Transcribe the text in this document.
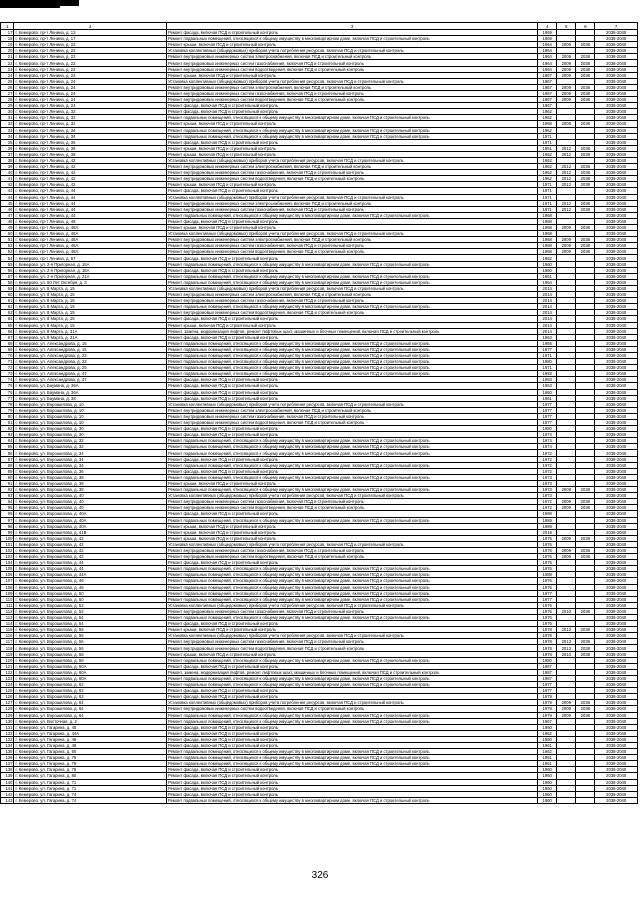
1	2	3	4	5	6	7
17	г. Кемерово, пр-т Ленина, д. 13	Ремонт фасада, включая ПСД и строительный контроль	1969			2038-2040
18	г. Кемерово, пр-т Ленина, д. 17	Ремонт подвальных помещений, относящихся к общему имуществу в многоквартирном доме, включая ПСД и строительный контроль	1969			2038-2040
19	г. Кемерово, пр-т Ленина, д. 22	Ремонт крыши, включая ПСД и строительный контроль	1964	2009	2038	2038-2040
20	г. Кемерово, пр-т Ленина, д. 22	Установка коллективных (общедомовых) приборов учета потребления ресурсов, включая ПСД и строительный контроль	1964			2038-2040
21	г. Кемерово, пр-т Ленина, д. 22	Ремонт внутридомовых инженерных систем электроснабжения, включая ПСД и строительный контроль	1964	2009	2038	2038-2040
22	г. Кемерово, пр-т Ленина, д. 22	Ремонт внутридомовых инженерных систем газоснабжения, включая ПСД и строительный контроль	1964	2009	2038	2038-2040
23	г. Кемерово, пр-т Ленина, д. 22	Ремонт внутридомовых инженерных систем водоотведения, включая ПСД и строительный контроль	1964	2009	2038	2038-2040
24	г. Кемерово, пр-т Ленина, д. 22	Ремонт крыши, включая ПСД и строительный контроль	1967	2009	2038	2038-2040
25	г. Кемерово, пр-т Ленина, д. 24	Установка коллективных (общедомовых) приборов учета потребления ресурсов, включая ПСД и строительный контроль	1967			2038-2040
26	г. Кемерово, пр-т Ленина, д. 24	Ремонт внутридомовых инженерных систем электроснабжения, включая ПСД и строительный контроль	1967	2009	2038	2038-2040
27	г. Кемерово, пр-т Ленина, д. 24	Ремонт внутридомовых инженерных систем газоснабжения, включая ПСД и строительный контроль	1967	2009	2038	2038-2040
28	г. Кемерово, пр-т Ленина, д. 24	Ремонт внутридомовых инженерных систем водоотведения, включая ПСД и строительный контроль	1967	2009	2038	2038-2040
29	г. Кемерово, пр-т Ленина, д. 24	Ремонт фасада, включая ПСД и строительный контроль	1967			2038-2040
30	г. Кемерово, пр-т Ленина, д. 32	Ремонт фасада, включая ПСД и строительный контроль	1962			2038-2040
31	г. Кемерово, пр-т Ленина, д. 32	Ремонт подвальных помещений, относящихся к общему имуществу в многоквартирном доме, включая ПСД и строительный контроль	1962			2038-2040
32	г. Кемерово, пр-т Ленина, д. 32	Ремонт крыши, включая ПСД и строительный контроль	1968	2008	2038	2038-2040
33	г. Кемерово, пр-т Ленина, д. 34	Ремонт подвальных помещений, относящихся к общему имуществу в многоквартирном доме, включая ПСД и строительный контроль	1962			2038-2040
34	г. Кемерово, пр-т Ленина, д. 34	Ремонт подвальных помещений, относящихся к общему имуществу в многоквартирном доме, включая ПСД и строительный контроль	1971			2038-2040
35	г. Кемерово, пр-т Ленина, д. 36	Ремонт фасада, включая ПСД и строительный контроль	1971			2038-2040
36	г. Кемерово, пр-т Ленина, д. 38	Ремонт крыши, включая ПСД и строительный контроль	1951	2012	2038	2038-2040
37	г. Кемерово, пр-т Ленина, д. 38	Ремонт крыши, включая ПСД и строительный контроль	1962	2012	2038	2038-2040
38	г. Кемерово, пр-т Ленина, д. 42	Установка коллективных (общедомовых) приборов учета потребления ресурсов, включая ПСД и строительный контроль	1962			2038-2040
39	г. Кемерово, пр-т Ленина, д. 42	Ремонт внутридомовых инженерных систем электроснабжения, включая ПСД и строительный контроль	1962	2012	2038	2038-2040
40	г. Кемерово, пр-т Ленина, д. 42	Ремонт внутридомовых инженерных систем газоснабжения, включая ПСД и строительный контроль	1962	2012	2038	2038-2040
41	г. Кемерово, пр-т Ленина, д. 42	Ремонт внутридомовых инженерных систем водоотведения, включая ПСД и строительный контроль	1962	2012	2038	2038-2040
42	г. Кемерово, пр-т Ленина, д. 42	Ремонт крыши, включая ПСД и строительный контроль	1971	2012	2038	2038-2040
43	г. Кемерово, пр-т Ленина, д. 44	Ремонт фасада, включая ПСД и строительный контроль	1971			2038-2040
44	г. Кемерово, пр-т Ленина, д. 44	Установка коллективных (общедомовых) приборов учета потребления ресурсов, включая ПСД и строительный контроль	1971			2038-2040
45	г. Кемерово, пр-т Ленина, д. 44	Ремонт внутридомовых инженерных систем электроснабжения, включая ПСД и строительный контроль	1971	2012	2038	2038-2040
46	г. Кемерово, пр-т Ленина, д. 44	Ремонт внутридомовых инженерных систем газоснабжения, включая ПСД и строительный контроль	1971	2012	2038	2038-2040
47	г. Кемерово, пр-т Ленина, д. 44	Ремонт подвальных помещений, относящихся к общему имуществу в многоквартирном доме, включая ПСД и строительный контроль	1968			2038-2040
48	г. Кемерово, пр-т Ленина, д. 48	Ремонт фасада, включая ПСД и строительный контроль	1968			2038-2040
49	г. Кемерово, пр-т Ленина, д. 48А	Ремонт крыши, включая ПСД и строительный контроль	1968	2009	2038	2038-2040
50	г. Кемерово, пр-т Ленина, д. 48А	Установка коллективных (общедомовых) приборов учета потребления ресурсов, включая ПСД и строительный контроль	1968			2038-2040
51	г. Кемерово, пр-т Ленина, д. 48А	Ремонт внутридомовых инженерных систем электроснабжения, включая ПСД и строительный контроль	1968	2009	2038	2038-2040
52	г. Кемерово, пр-т Ленина, д. 48А	Ремонт внутридомовых инженерных систем газоснабжения, включая ПСД и строительный контроль	1968	2009	2038	2038-2040
53	г. Кемерово, пр-т Ленина, д. 48А	Ремонт внутридомовых инженерных систем водоотведения, включая ПСД и строительный контроль	1968	2009	2038	2038-2040
54	г. Кемерово, пр-т Ленина, д. 57	Ремонт фасада, включая ПСД и строительный контроль	1962			2038-2040
55	г. Кемерово, ул. 2-я Пригорная, д. 15А	Ремонт подвальных помещений, относящихся к общему имуществу в многоквартирном доме, включая ПСД и строительный контроль	1960			2038-2040
56	г. Кемерово, ул. 2-я Пригорная, д. 15А	Ремонт фасада, включая ПСД и строительный контроль	1960			2038-2040
57	г. Кемерово, ул. 2-я Пригорная, д. 21А	Ремонт подвальных помещений, относящихся к общему имуществу в многоквартирном доме, включая ПСД и строительный контроль	1961			2038-2040
58	г. Кемерово, ул. 50 Лет Октября, д. 3	Ремонт подвальных помещений, относящихся к общему имуществу в многоквартирном доме, включая ПСД и строительный контроль	1964			2038-2040
59	г. Кемерово, ул. 8 Марта, д. 15	Установка коллективных (общедомовых) приборов учета потребления ресурсов, включая ПСД и строительный контроль	2014			2038-2040
60	г. Кемерово, ул. 8 Марта, д. 15	Ремонт внутридомовых инженерных систем электроснабжения, включая ПСД и строительный контроль	2014			2038-2040
61	г. Кемерово, ул. 8 Марта, д. 15	Ремонт внутридомовых инженерных систем газоснабжения, включая ПСД и строительный контроль	2014			2038-2040
62	г. Кемерово, ул. 8 Марта, д. 15	Ремонт подвальных помещений, относящихся к общему имуществу в многоквартирном доме, включая ПСД и строительный контроль	2014			2038-2040
63	г. Кемерово, ул. 8 Марта, д. 15	Ремонт внутридомовых инженерных систем водоотведения, включая ПСД и строительный контроль	2014			2038-2040
64	г. Кемерово, ул. 8 Марта, д. 15	Ремонт фасада, включая ПСД и строительный контроль	2014			2038-2040
65	г. Кемерово, ул. 8 Марта, д. 15	Ремонт крыши, включая ПСД и строительный контроль	2014			2038-2040
66	г. Кемерово, ул. 8 Марта, д. 31А	Ремонт, замена, модернизация лифтов, ремонт лифтовых шахт, машинных и блочных помещений, включая ПСД и строительный контроль	2014			2038-2040
67	г. Кемерово, ул. 8 Марта, д. 31А	Ремонт фасада, включая ПСД и строительный контроль	1963			2038-2040
68	г. Кемерово, ул. Александрова, д. 15	Ремонт подвальных помещений, относящихся к общему имуществу в многоквартирном доме, включая ПСД и строительный контроль	1965			2038-2040
69	г. Кемерово, ул. Александрова, д. 15	Ремонт подвальных помещений, относящихся к общему имуществу в многоквартирном доме, включая ПСД и строительный контроль	1977			2038-2040
70	г. Кемерово, ул. Александрова, д. 23	Ремонт подвальных помещений, относящихся к общему имуществу в многоквартирном доме, включая ПСД и строительный контроль	1971			2038-2040
71	г. Кемерово, ул. Александрова, д. 23	Ремонт подвальных помещений, относящихся к общему имуществу в многоквартирном доме, включая ПСД и строительный контроль	1980			2038-2040
72	г. Кемерово, ул. Александрова, д. 25	Ремонт подвальных помещений, относящихся к общему имуществу в многоквартирном доме, включая ПСД и строительный контроль	1971			2038-2040
73	г. Кемерово, ул. Александрова, д. 47	Ремонт подвальных помещений, относящихся к общему имуществу в многоквартирном доме, включая ПСД и строительный контроль	1983			2038-2040
74	г. Кемерово, ул. Александрова, д. 47	Ремонт фасада, включая ПСД и строительный контроль	1983			2038-2040
75	г. Кемерово, ул. Баумана, д. 36А	Ремонт фасада, включая ПСД и строительный контроль	1963			2038-2040
76	г. Кемерово, ул. Баумана, д. 36А	Ремонт фасада, включая ПСД и строительный контроль	1960			2038-2040
77	г. Кемерово, ул. Баумана, д. 38	Ремонт фасада, включая ПСД и строительный контроль	1961			2038-2040
78	г. Кемерово, ул. Ворошилова, д. 10	Установка коллективных (общедомовых) приборов учета потребления ресурсов, включая ПСД и строительный контроль	1977			2038-2040
79	г. Кемерово, ул. Ворошилова, д. 10	Ремонт внутридомовых инженерных систем электроснабжения, включая ПСД и строительный контроль	1977			2038-2040
80	г. Кемерово, ул. Ворошилова, д. 10	Ремонт внутридомовых инженерных систем газоснабжения, включая ПСД и строительный контроль	1977			2038-2040
81	г. Кемерово, ул. Ворошилова, д. 10	Ремонт внутридомовых инженерных систем водоотведения, включая ПСД и строительный контроль	1977			2038-2040
82	г. Кемерово, ул. Ворошилова, д. 30	Ремонт фасада, включая ПСД и строительный контроль	1980			2038-2040
83	г. Кемерово, ул. Ворошилова, д. 30	Ремонт фасада, включая ПСД и строительный контроль	1974			2038-2040
84	г. Кемерово, ул. Ворошилова, д. 32	Ремонт подвальных помещений, относящихся к общему имуществу в многоквартирном доме, включая ПСД и строительный контроль	1974			2038-2040
85	г. Кемерово, ул. Ворошилова, д. 32	Ремонт подвальных помещений, относящихся к общему имуществу в многоквартирном доме, включая ПСД и строительный контроль	1974			2038-2040
86	г. Кемерово, ул. Ворошилова, д. 34	Ремонт подвальных помещений, относящихся к общему имуществу в многоквартирном доме, включая ПСД и строительный контроль	1972			2038-2040
87	г. Кемерово, ул. Ворошилова, д. 34	Ремонт фасада, включая ПСД и строительный контроль	1972			2038-2040
88	г. Кемерово, ул. Ворошилова, д. 34	Ремонт подвальных помещений, относящихся к общему имуществу в многоквартирном доме, включая ПСД и строительный контроль	1972			2038-2040
89	г. Кемерово, ул. Ворошилова, д. 36	Ремонт фасада, включая ПСД и строительный контроль	1972			2038-2040
90	г. Кемерово, ул. Ворошилова, д. 36	Ремонт подвальных помещений, относящихся к общему имуществу в многоквартирном доме, включая ПСД и строительный контроль	1973			2038-2040
91	г. Кемерово, ул. Ворошилова, д. 38	Ремонт крыши, включая ПСД и строительный контроль	1973			2038-2040
92	г. Кемерово, ул. Ворошилова, д. 38	Ремонт подвальных помещений, относящихся к общему имуществу в многоквартирном доме, включая ПСД и строительный контроль	1973	2008	2038	2038-2040
93	г. Кемерово, ул. Ворошилова, д. 40	Установка коллективных (общедомовых) приборов учета потребления ресурсов, включая ПСД и строительный контроль	1973			2038-2040
94	г. Кемерово, ул. Ворошилова, д. 40	Ремонт внутридомовых инженерных систем газоснабжения, включая ПСД и строительный контроль	1972	2009	2038	2038-2040
95	г. Кемерово, ул. Ворошилова, д. 40	Ремонт внутридомовых инженерных систем водоотведения, включая ПСД и строительный контроль	1972	2009	2038	2038-2040
96	г. Кемерово, ул. Ворошилова, д. 40А	Ремонт фасада, включая ПСД и строительный контроль	1989			2038-2040
97	г. Кемерово, ул. Ворошилова, д. 40А	Ремонт подвальных помещений, относящихся к общему имуществу в многоквартирном доме, включая ПСД и строительный контроль	1989			2038-2040
98	г. Кемерово, ул. Ворошилова, д. 40А	Ремонт крыши, включая ПСД и строительный контроль	1989			2038-2040
99	г. Кемерово, ул. Ворошилова, д. 41В	Ремонт крыши, включая ПСД и строительный контроль	2019			2038-2040
100	г. Кемерово, ул. Ворошилова, д. 42	Ремонт крыши, включая ПСД и строительный контроль	1976	2009	2038	2038-2040
101	г. Кемерово, ул. Ворошилова, д. 42	Установка коллективных (общедомовых) приборов учета потребления ресурсов, включая ПСД и строительный контроль	1976			2038-2040
102	г. Кемерово, ул. Ворошилова, д. 42	Ремонт внутридомовых инженерных систем газоснабжения, включая ПСД и строительный контроль	1976	2009	2038	2038-2040
103	г. Кемерово, ул. Ворошилова, д. 42	Ремонт внутридомовых инженерных систем водоотведения, включая ПСД и строительный контроль	1976	2009	2038	2038-2040
104	г. Кемерово, ул. Ворошилова, д. 44	Ремонт фасада, включая ПСД и строительный контроль	1976			2038-2040
105	г. Кемерово, ул. Ворошилова, д. 44	Ремонт подвальных помещений, относящихся к общему имуществу в многоквартирном доме, включая ПСД и строительный контроль	1976			2038-2040
106	г. Кемерово, ул. Ворошилова, д. 44А	Ремонт подвальных помещений, относящихся к общему имуществу в многоквартирном доме, включая ПСД и строительный контроль	1989			2038-2040
107	г. Кемерово, ул. Ворошилова, д. 46	Ремонт подвальных помещений, относящихся к общему имуществу в многоквартирном доме, включая ПСД и строительный контроль	1976			2038-2040
108	г. Кемерово, ул. Ворошилова, д. 48	Ремонт подвальных помещений, относящихся к общему имуществу в многоквартирном доме, включая ПСД и строительный контроль	1976			2038-2040
109	г. Кемерово, ул. Ворошилова, д. 50	Ремонт подвальных помещений, относящихся к общему имуществу в многоквартирном доме, включая ПСД и строительный контроль	1977			2038-2040
110	г. Кемерово, ул. Ворошилова, д. 50	Ремонт подвальных помещений, относящихся к общему имуществу в многоквартирном доме, включая ПСД и строительный контроль	1977			2038-2040
111	г. Кемерово, ул. Ворошилова, д. 52	Установка коллективных (общедомовых) приборов учета потребления ресурсов, включая ПСД и строительный контроль	1976			2038-2040
112	г. Кемерово, ул. Ворошилова, д. 52	Ремонт внутридомовых инженерных систем газоснабжения, включая ПСД и строительный контроль	1976	2010	2038	2038-2040
113	г. Кемерово, ул. Ворошилова, д. 54	Ремонт подвальных помещений, относящихся к общему имуществу в многоквартирном доме, включая ПСД и строительный контроль	1976			2038-2040
114	г. Кемерово, ул. Ворошилова, д. 54	Ремонт фасада, включая ПСД и строительный контроль	1976			2038-2040
115	г. Кемерово, ул. Ворошилова, д. 56	Ремонт крыши, включая ПСД и строительный контроль	1978	2013	2038	2038-2040
116	г. Кемерово, ул. Ворошилова, д. 56	Установка коллективных (общедомовых) приборов учета потребления ресурсов, включая ПСД и строительный контроль	1978			2038-2040
117	г. Кемерово, ул. Ворошилова, д. 56	Ремонт внутридомовых инженерных систем газоснабжения, включая ПСД и строительный контроль	1978	2013	2038	2038-2040
118	г. Кемерово, ул. Ворошилова, д. 56	Ремонт внутридомовых инженерных систем водоотведения, включая ПСД и строительный контроль	1978	2013	2038	2038-2040
119	г. Кемерово, ул. Ворошилова, д. 58	Ремонт крыши, включая ПСД и строительный контроль	1978	2013	2038	2038-2040
120	г. Кемерово, ул. Ворошилова, д. 58	Ремонт подвальных помещений, относящихся к общему имуществу в многоквартирном доме, включая ПСД и строительный контроль	1980			2038-2040
121	г. Кемерово, ул. Ворошилова, д. 60А	Ремонт фасада, включая ПСД и строительный контроль	1987			2038-2040
122	г. Кемерово, ул. Ворошилова, д. 60А	Ремонт, замена, модернизация лифтов, ремонт лифтовых шахт, машинных и блочных помещений, включая ПСД и строительный контроль	1987			2038-2040
123	г. Кемерово, ул. Ворошилова, д. 60А	Ремонт подвальных помещений, относящихся к общему имуществу в многоквартирном доме, включая ПСД и строительный контроль	1987			2038-2040
124	г. Кемерово, ул. Ворошилова, д. 62	Ремонт подвальных помещений, относящихся к общему имуществу в многоквартирном доме, включая ПСД и строительный контроль	1977			2038-2040
125	г. Кемерово, ул. Ворошилова, д. 62	Ремонт фасада, включая ПСД и строительный контроль	1977			2038-2040
126	г. Кемерово, ул. Ворошилова, д. 62	Ремонт фасада, включая ПСД и строительный контроль	1979			2038-2040
127	г. Кемерово, ул. Ворошилова, д. 64	Установка коллективных (общедомовых) приборов учета потребления ресурсов, включая ПСД и строительный контроль	1979	2009	2038	2038-2040
128	г. Кемерово, ул. Ворошилова, д. 64	Ремонт внутридомовых инженерных систем водоотведения, включая ПСД и строительный контроль	1979	2009	2038	2038-2040
129	г. Кемерово, ул. Ворошилова, д. 64	Ремонт подвальных помещений, относящихся к общему имуществу в многоквартирном доме, включая ПСД и строительный контроль	1979	2009	2038	2038-2040
130	г. Кемерово, ул. Восточная, д. 2	Ремонт подвальных помещений, относящихся к общему имуществу в многоквартирном доме, включая ПСД и строительный контроль	1967			2038-2040
131	г. Кемерово, ул. Гагарина, д. 40	Ремонт фасада, включая ПСД и строительный контроль	1960			2038-2040
132	г. Кемерово, ул. Гагарина, д. 44А	Ремонт фасада, включая ПСД и строительный контроль	1962			2038-2040
133	г. Кемерово, ул. Гагарина, д. 46	Ремонт фасада, включая ПСД и строительный контроль	1960			2038-2040
134	г. Кемерово, ул. Гагарина, д. 48	Ремонт фасада, включая ПСД и строительный контроль	1961			2038-2040
135	г. Кемерово, ул. Гагарина, д. 50	Ремонт подвальных помещений, относящихся к общему имуществу в многоквартирном доме, включая ПСД и строительный контроль	1962			2038-2040
136	г. Кемерово, ул. Гагарина, д. 76	Ремонт подвальных помещений, относящихся к общему имуществу в многоквартирном доме, включая ПСД и строительный контроль	1961			2038-2040
137	г. Кемерово, ул. Гагарина, д. 78	Ремонт подвальных помещений, относящихся к общему имуществу в многоквартирном доме, включая ПСД и строительный контроль	1961			2038-2040
138	г. Кемерово, ул. Гагарина, д. 78	Ремонт фасада, включая ПСД и строительный контроль	1960			2038-2040
139	г. Кемерово, ул. Гагарина, д. 80	Ремонт фасада, включая ПСД и строительный контроль	1960			2038-2040
140	г. Кемерово, ул. Гагарина, д. 71	Ремонт фасада, включая ПСД и строительный контроль	1960			2038-2040
141	г. Кемерово, ул. Гагарина, д. 71	Ремонт фасада, включая ПСД и строительный контроль	1960			2038-2040
142	г. Кемерово, ул. Гагарина, д. 74	Ремонт фасада, включая ПСД и строительный контроль	1960			2038-2040
143	г. Кемерово, ул. Гагарина, д. 74	Ремонт подвальных помещений, относящихся к общему имуществу в многоквартирном доме, включая ПСД и строительный контроль	1960			2038-2040
326
